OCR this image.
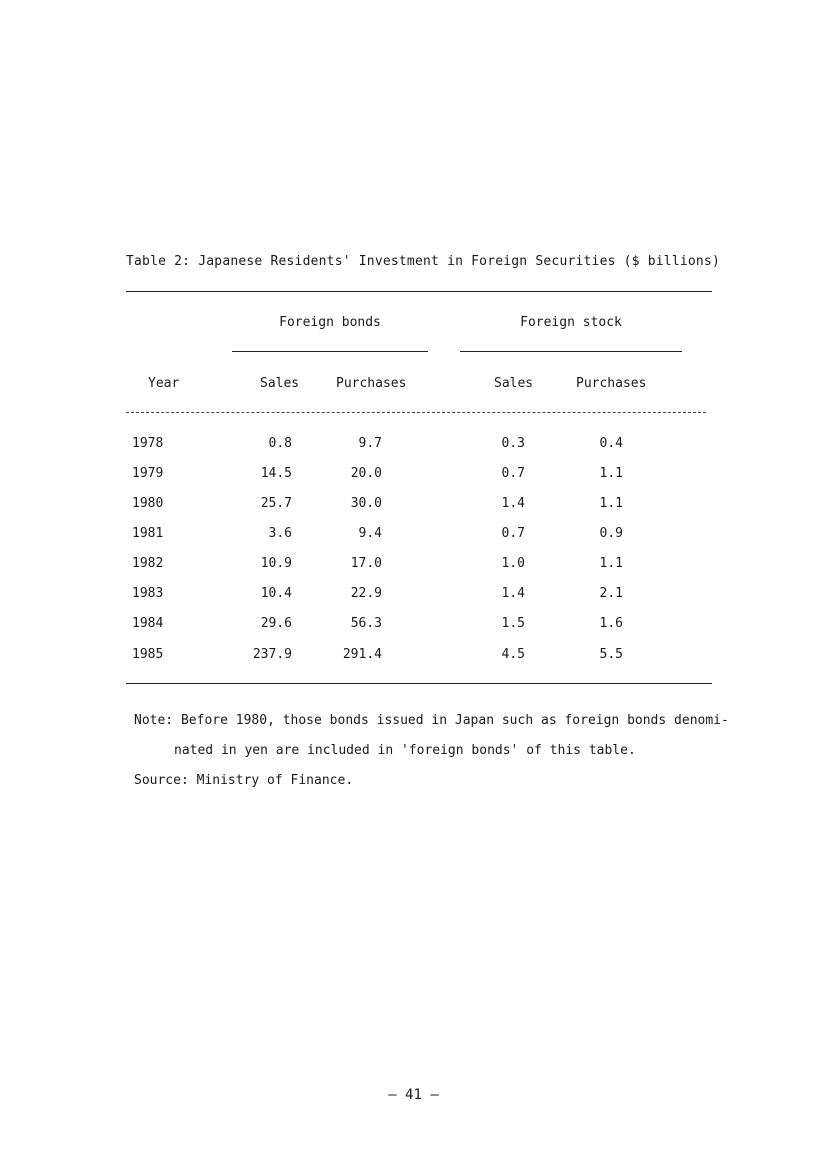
Table 2: Japanese Residents' Investment in Foreign Securities ($ billions)
Foreign bonds	Foreign stock
Year	Sales	Purchases	Sales	Purchases
1978	0.8	9.7	0.3	0.4
1979	14.5	20.0	0.7	1.1
1980	25.7	30.0	1.4	1.1
1981	3.6	9.4	0.7	0.9
1982	10.9	17.0	1.0	1.1
1983	10.4	22.9	1.4	2.1
1984	29.6	56.3	1.5	1.6
1985	237.9	291.4	4.5	5.5
Note: Before 1980, those bonds issued in Japan such as foreign bonds denomi-
nated in yen are included in 'foreign bonds' of this table.
Source: Ministry of Finance.
— 41 —
